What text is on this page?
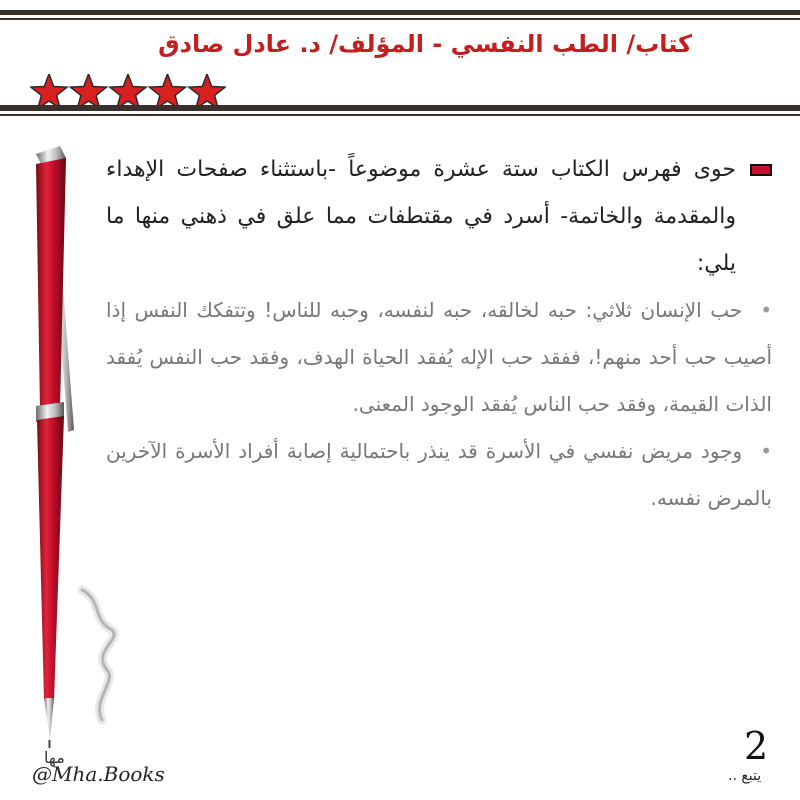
كتاب/ الطب النفسي - المؤلف/ د. عادل صادق

حوى فهرس الكتاب ستة عشرة موضوعاً -باستثناء صفحات الإهداء والمقدمة والخاتمة- أسرد في مقتطفات مما علق في ذهني منها ما يلي:

•حب الإنسان ثلاثي: حبه لخالقه، حبه لنفسه، وحبه للناس! وتتفكك النفس إذا أصيب حب أحد منهم!، ففقد حب الإله يُفقد الحياة الهدف، وفقد حب النفس يُفقد الذات القيمة، وفقد حب الناس يُفقد الوجود المعنى.

•وجود مريض نفسي في الأسرة قد ينذر باحتمالية إصابة أفراد الأسرة الآخرين بالمرض نفسه.

مها
@Mha.Books
2
يتبع ..
